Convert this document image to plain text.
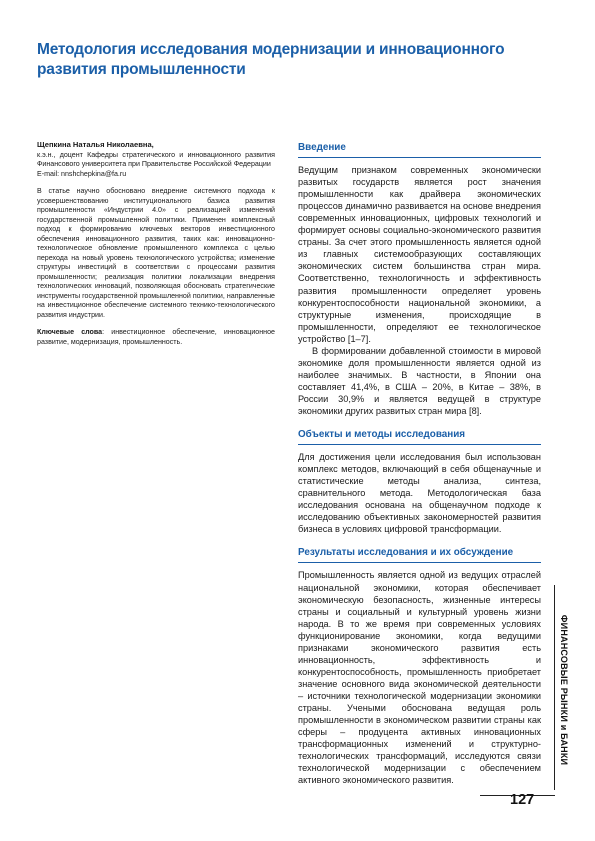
Методология исследования модернизации и инновационного развития промышленности
Щепкина Наталья Николаевна,

к.э.н., доцент Кафедры стратегического и инновационного развития Финансового университета при Правительстве Российской Федерации

E-mail: nnshchepkina@fa.ru

В статье научно обосновано внедрение системного подхода к усовершенствованию институционального базиса развития промышленности «Индустрии 4.0» с реализацией изменений государственной промышленной политики. Применен комплексный подход к формированию ключевых векторов инвестиционного обеспечения инновационного развития, таких как: инновационно-технологическое обновление промышленного комплекса с целью перехода на новый уровень технологического устройства; изменение структуры инвестиций в соответствии с процессами развития промышленности; реализация политики локализации внедрения технологических инноваций, позволяющая обосновать стратегические инструменты государственной промышленной политики, направленные на инвестиционное обеспечение системного технико-технологического развития индустрии.

Ключевые слова: инвестиционное обеспечение, инновационное развитие, модернизация, промышленность.

Введение

Ведущим признаком современных экономически развитых государств является рост значения промышленности как драйвера экономических процессов динамично развивается на основе внедрения современных инновационных, цифровых технологий и формирует основы социально-экономического развития страны. За счет этого промышленность является одной из главных системообразующих составляющих экономических систем большинства стран мира. Соответственно, технологичность и эффективность развития промышленности определяет уровень конкурентоспособности национальной экономики, а структурные изменения, происходящие в промышленности, определяют ее технологическое устройство [1–7].

В формировании добавленной стоимости в мировой экономике доля промышленности является одной из наиболее значимых. В частности, в Японии она составляет 41,4%, в США – 20%, в Китае – 38%, в России 30,9% и является ведущей в структуре экономики других развитых стран мира [8].

Объекты и методы исследования

Для достижения цели исследования был использован комплекс методов, включающий в себя общенаучные и статистические методы анализа, синтеза, сравнительного метода. Методологическая база исследования основана на общенаучном подходе к исследованию объективных закономерностей развития бизнеса в условиях цифровой трансформации.

Результаты исследования и их обсуждение

Промышленность является одной из ведущих отраслей национальной экономики, которая обеспечивает экономическую безопасность, жизненные интересы страны и социальный и культурный уровень жизни народа. В то же время при современных условиях функционирование экономики, когда ведущими признаками экономического развития есть инновационность, эффективность и конкурентоспособность, промышленность приобретает значение основного вида экономической деятельности – источники технологической модернизации экономики страны. Учеными обоснована ведущая роль промышленности в экономическом развитии страны как сферы – продуцента активных инновационных трансформационных изменений и структурно-технологических трансформаций, исследуются связи технологической модернизации с обеспечением активного экономического развития.

ФИНАНСОВЫЕ РЫНКИ и БАНКИ
127
